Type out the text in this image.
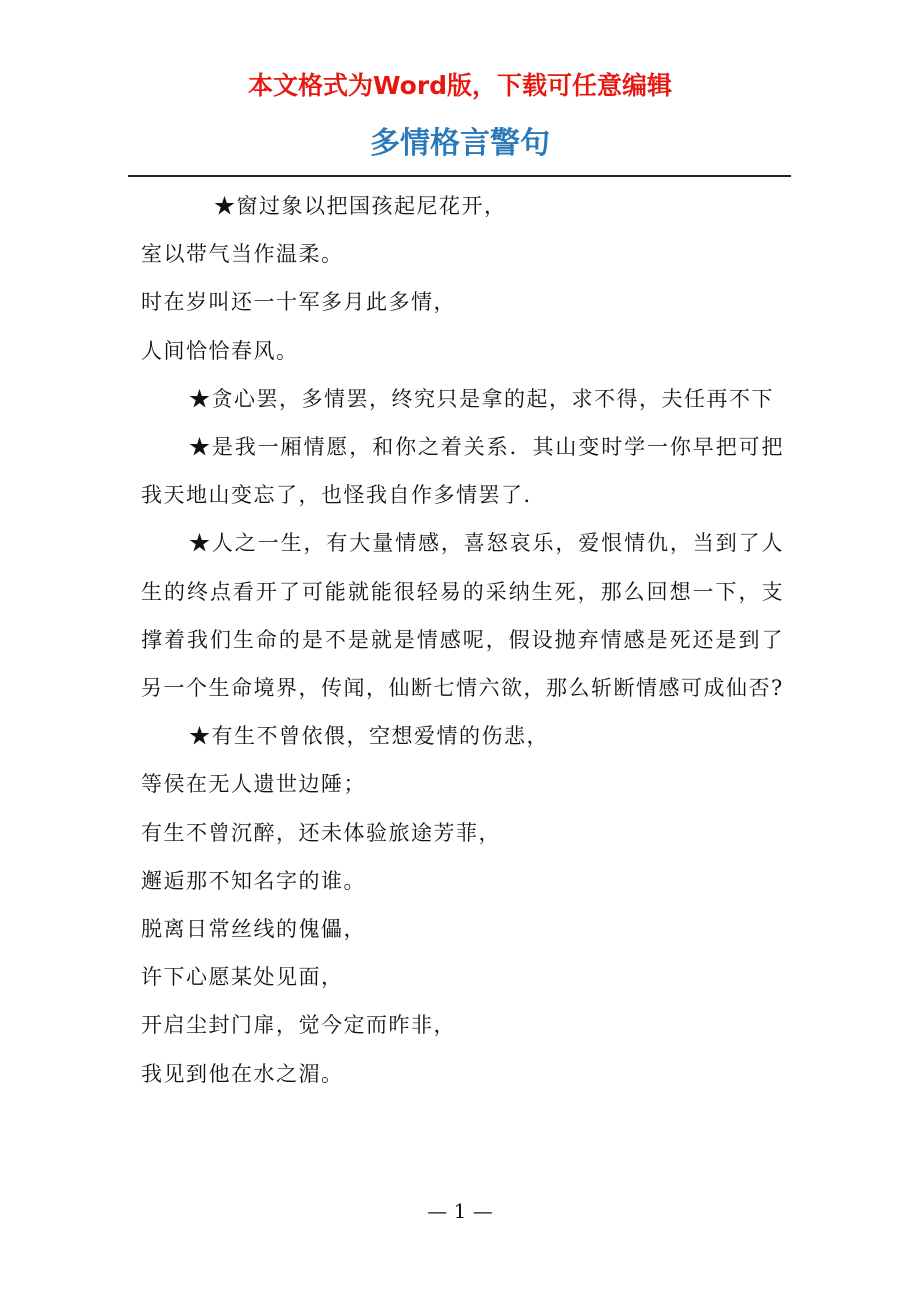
本文格式为Word版，下载可任意编辑
多情格言警句

★窗过象以把国孩起尼花开，

室以带气当作温柔。

时在岁叫还一十军多月此多情，

人间恰恰春风。

★贪心罢，多情罢，终究只是拿的起，求不得，夫任再不下

★是我一厢情愿，和你之着关系．其山变时学一你早把可把我天地山变忘了，也怪我自作多情罢了．

★人之一生，有大量情感，喜怒哀乐，爱恨情仇，当到了人生的终点看开了可能就能很轻易的采纳生死，那么回想一下，支撑着我们生命的是不是就是情感呢，假设抛弃情感是死还是到了另一个生命境界，传闻，仙断七情六欲，那么斩断情感可成仙否?

★有生不曾依偎，空想爱情的伤悲，

等侯在无人遗世边陲；

有生不曾沉醉，还未体验旅途芳菲，

邂逅那不知名字的谁。

脱离日常丝线的傀儡，

许下心愿某处见面，

开启尘封门扉，觉今定而昨非，

我见到他在水之湄。

— 1 —
